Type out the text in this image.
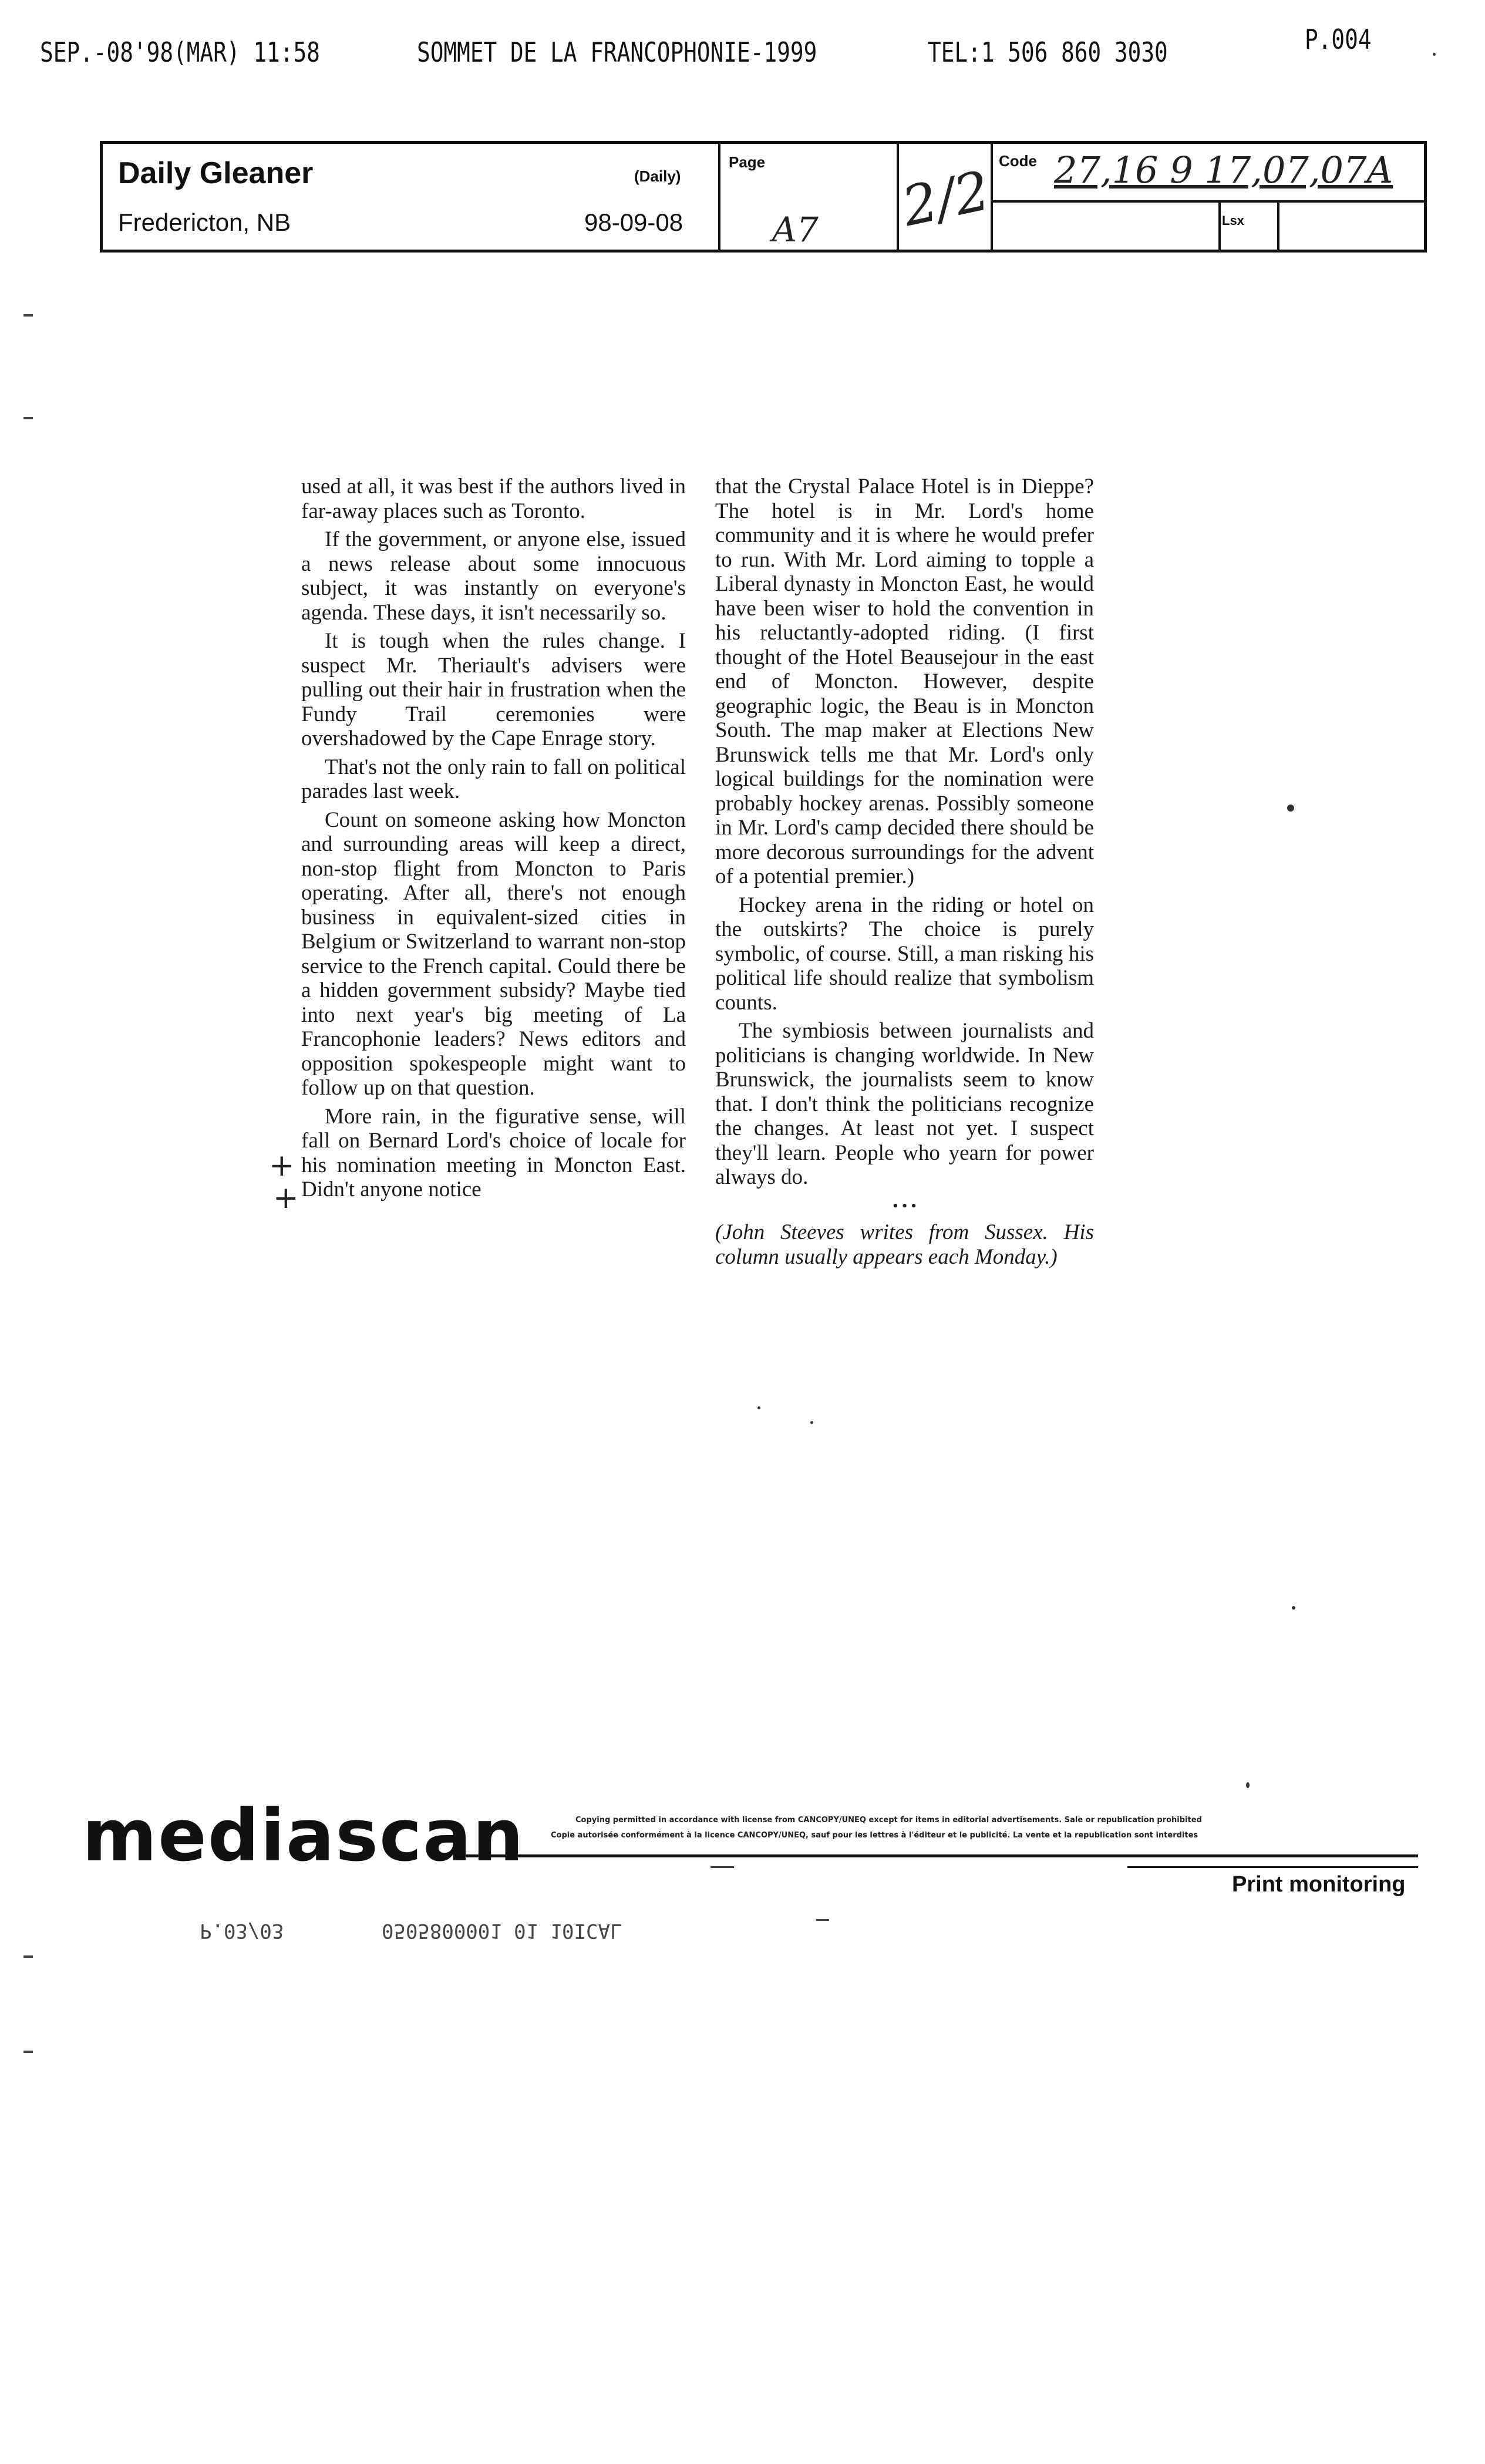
SEP.-08'98(MAR) 11:58	SOMMET DE LA FRANCOPHONIE-1999	TEL:1 506 860 3030	P.004
Daily Gleaner	(Daily)
Fredericton, NB	98-09-08
Page
A7 2/2 Code 27,16 9 17,07,07A
Lsx

used at all, it was best if the authors lived in far-away places such as Toronto.

If the government, or anyone else, issued a news release about some innocuous subject, it was instantly on everyone's agenda. These days, it isn't necessarily so.

It is tough when the rules change. I suspect Mr. Theriault's advisers were pulling out their hair in frustration when the Fundy Trail ceremonies were overshadowed by the Cape Enrage story.

That's not the only rain to fall on political parades last week.

Count on someone asking how Moncton and surrounding areas will keep a direct, non-stop flight from Moncton to Paris operating. After all, there's not enough business in equivalent-sized cities in Belgium or Switzerland to warrant non-stop service to the French capital. Could there be a hidden government subsidy? Maybe tied into next year's big meeting of La Francophonie leaders? News editors and opposition spokespeople might want to follow up on that question.

More rain, in the figurative sense, will fall on Bernard Lord's choice of locale for his nomination meeting in Moncton East. Didn't anyone notice

+
+

that the Crystal Palace Hotel is in Dieppe? The hotel is in Mr. Lord's home community and it is where he would prefer to run. With Mr. Lord aiming to topple a Liberal dynasty in Moncton East, he would have been wiser to hold the convention in his reluctantly-adopted riding. (I first thought of the Hotel Beausejour in the east end of Moncton. However, despite geographic logic, the Beau is in Moncton South. The map maker at Elections New Brunswick tells me that Mr. Lord's only logical buildings for the nomination were probably hockey arenas. Possibly someone in Mr. Lord's camp decided there should be more decorous surroundings for the advent of a potential premier.)

Hockey arena in the riding or hotel on the outskirts? The choice is purely symbolic, of course. Still, a man risking his political life should realize that symbolism counts.

The symbiosis between journalists and politicians is changing worldwide. In New Brunswick, the journalists seem to know that. I don't think the politicians recognize the changes. At least not yet. I suspect they'll learn. People who yearn for power always do.

• • •

(John Steeves writes from Sussex. His column usually appears each Monday.)

mediascan	Copying permitted in accordance with license from CANCOPY/UNEQ except for items in editorial advertisements. Sale or republication prohibited
Copie autorisée conformément à la licence CANCOPY/UNEQ, sauf pour les lettres à l'éditeur et le publicité. La vente et la republication sont interdites
Print monitoring
P.03/03	0505800001 01 10ICAL
